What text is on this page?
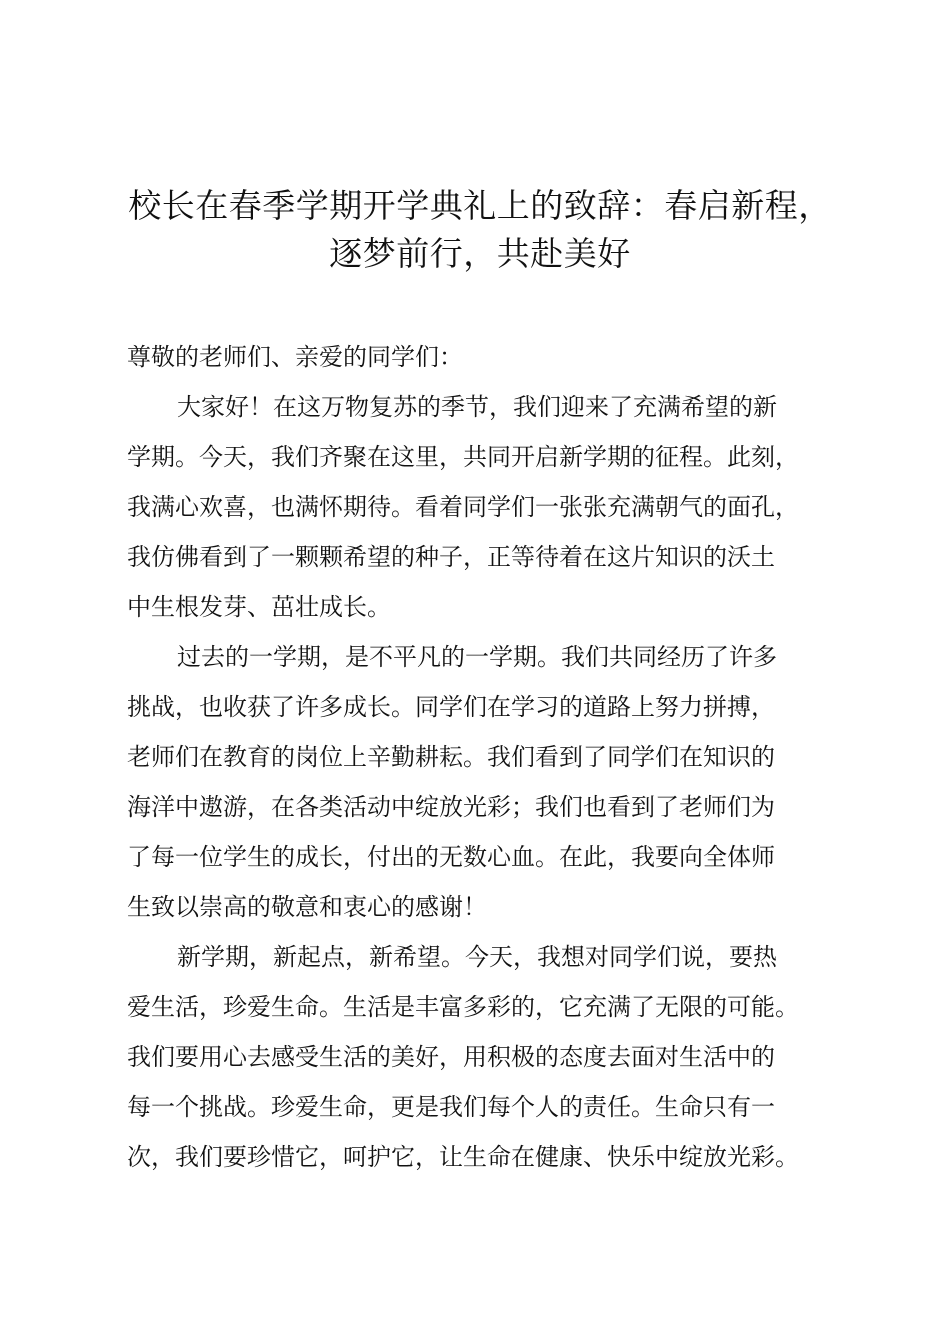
校长在春季学期开学典礼上的致辞：春启新程，
逐梦前行，共赴美好
尊敬的老师们、亲爱的同学们：
大家好！在这万物复苏的季节，我们迎来了充满希望的新
学期。今天，我们齐聚在这里，共同开启新学期的征程。此刻，
我满心欢喜，也满怀期待。看着同学们一张张充满朝气的面孔，
我仿佛看到了一颗颗希望的种子，正等待着在这片知识的沃土
中生根发芽、茁壮成长。
过去的一学期，是不平凡的一学期。我们共同经历了许多
挑战，也收获了许多成长。同学们在学习的道路上努力拼搏，
老师们在教育的岗位上辛勤耕耘。我们看到了同学们在知识的
海洋中遨游，在各类活动中绽放光彩；我们也看到了老师们为
了每一位学生的成长，付出的无数心血。在此，我要向全体师
生致以崇高的敬意和衷心的感谢！
新学期，新起点，新希望。今天，我想对同学们说，要热
爱生活，珍爱生命。生活是丰富多彩的，它充满了无限的可能。
我们要用心去感受生活的美好，用积极的态度去面对生活中的
每一个挑战。珍爱生命，更是我们每个人的责任。生命只有一
次，我们要珍惜它，呵护它，让生命在健康、快乐中绽放光彩。
